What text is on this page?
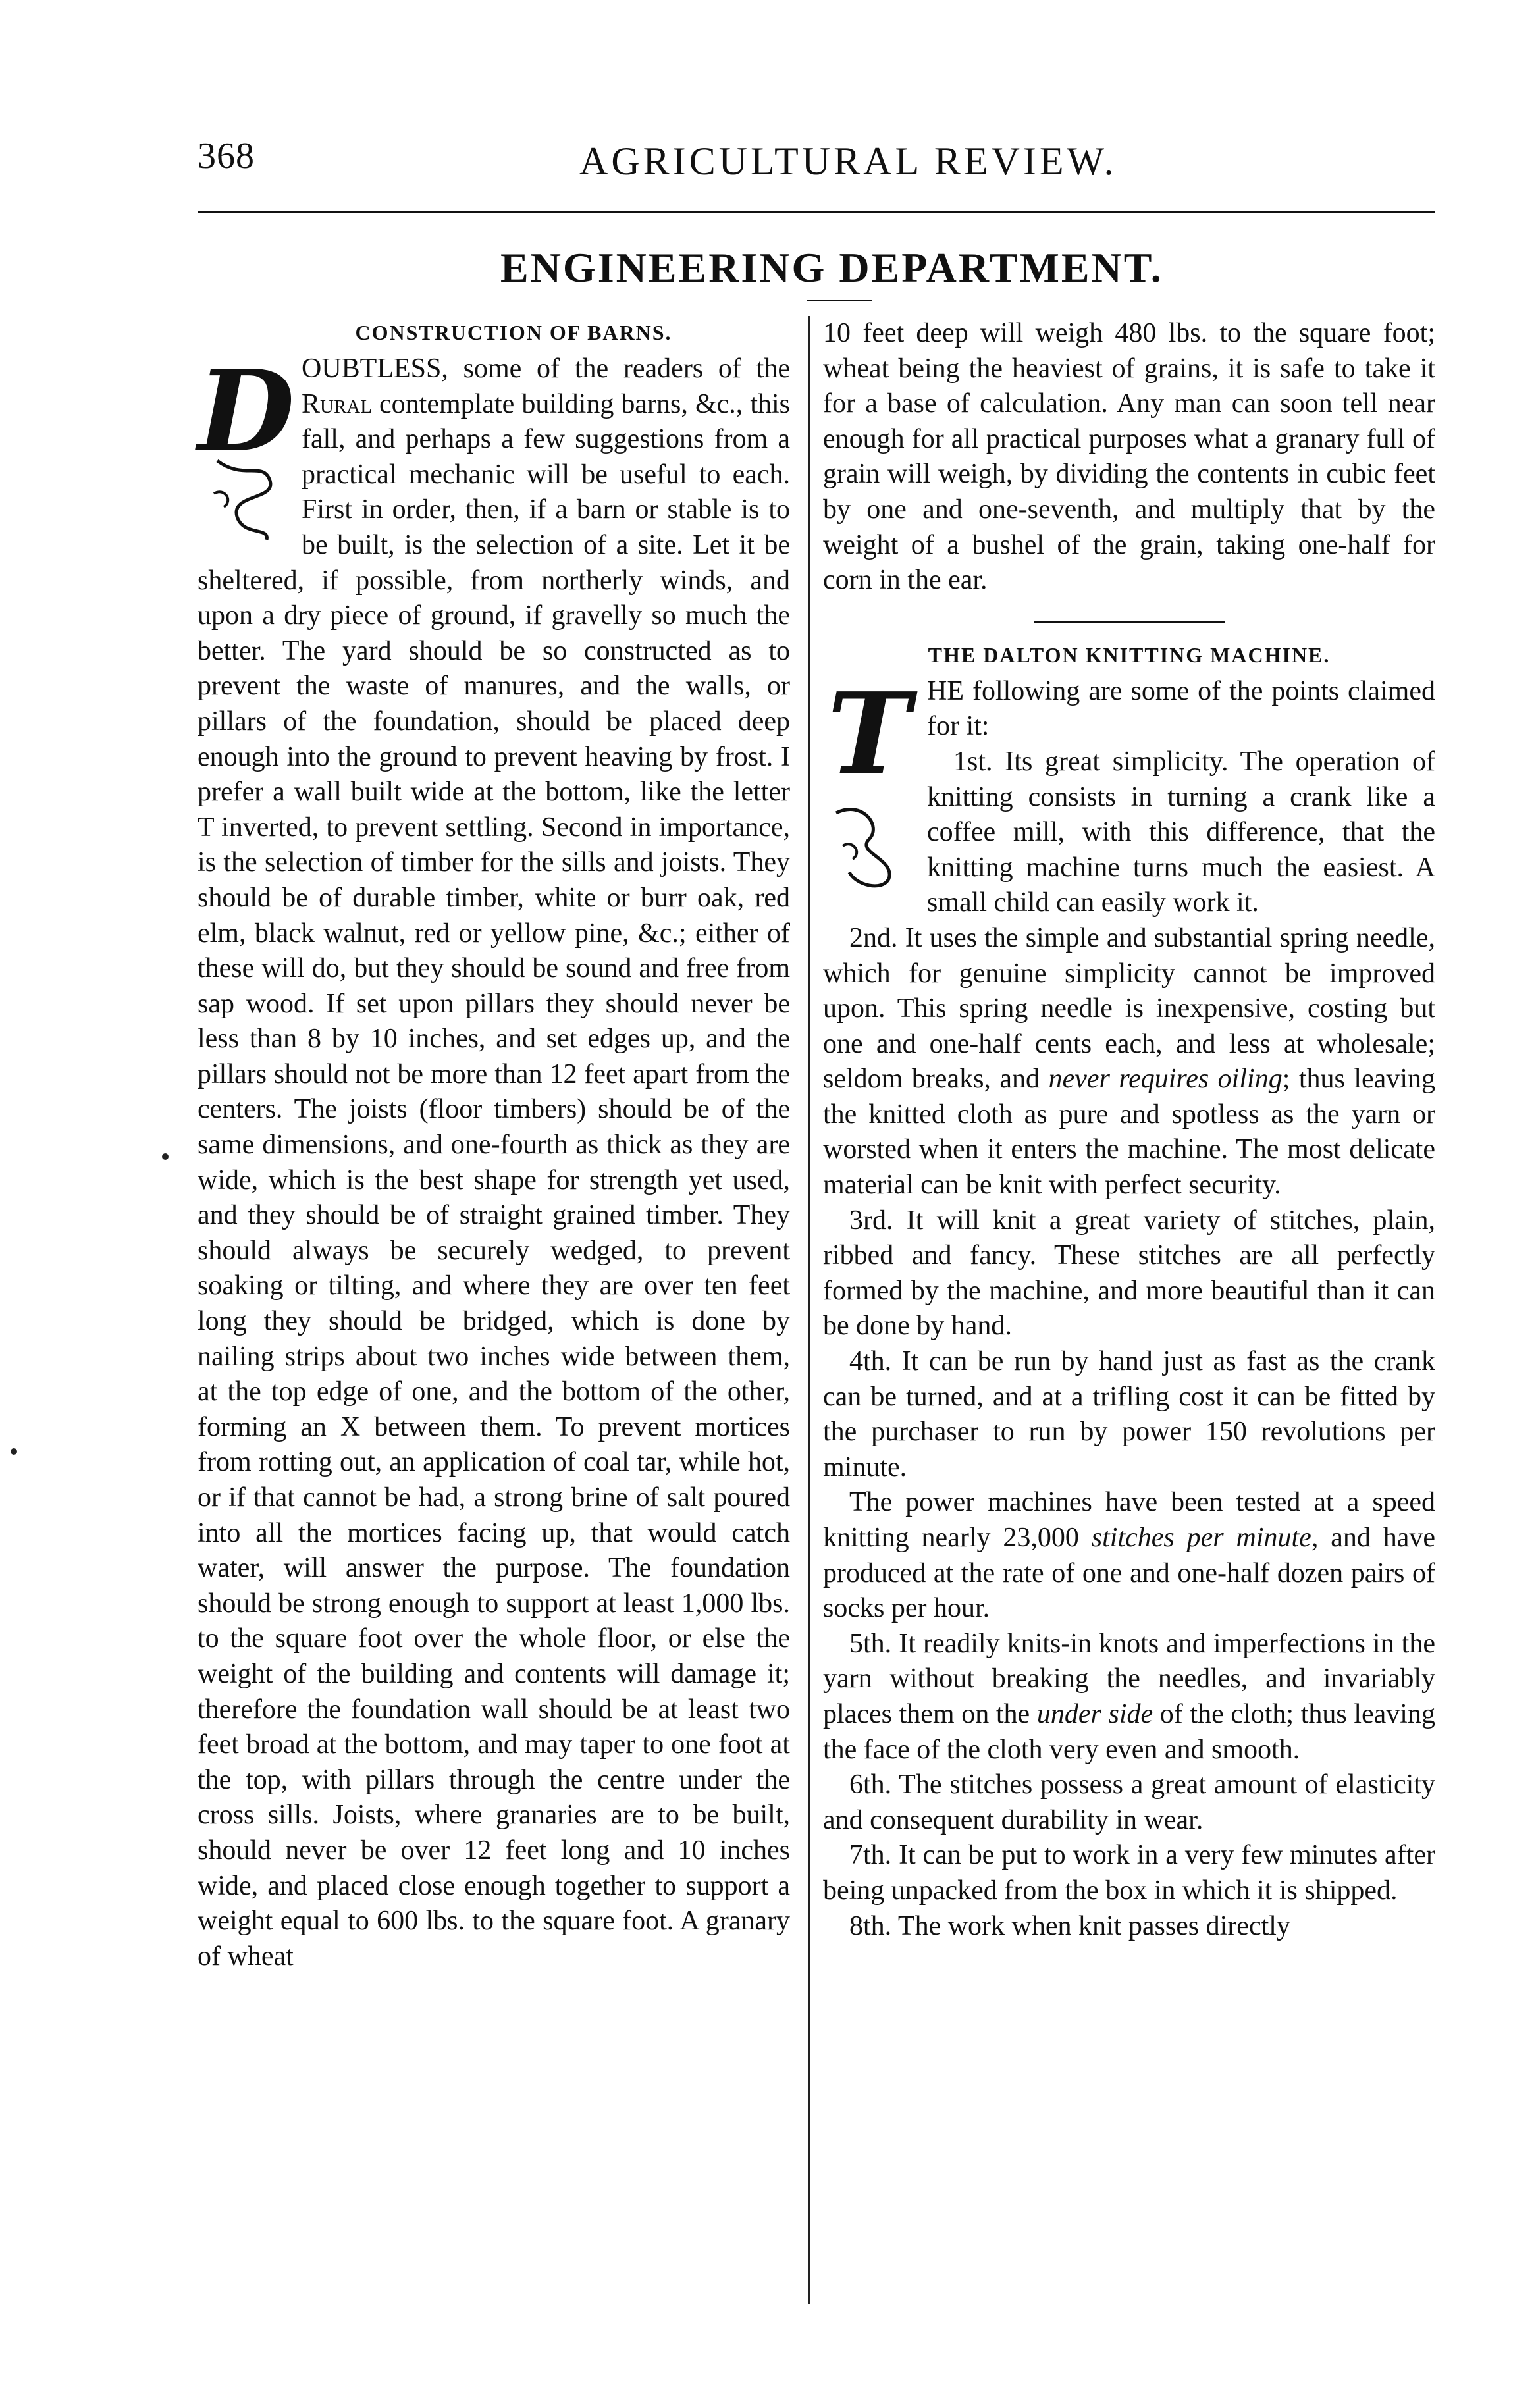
368	AGRICULTURAL REVIEW.
ENGINEERING DEPARTMENT.
CONSTRUCTION OF BARNS.

D OUBTLESS, some of the readers of the Rural contemplate building barns, &c., this fall, and perhaps a few suggestions from a practical mechanic will be useful to each. First in order, then, if a barn or stable is to be built, is the selection of a site. Let it be sheltered, if possible, from northerly winds, and upon a dry piece of ground, if gravelly so much the better. The yard should be so constructed as to prevent the waste of manures, and the walls, or pillars of the foundation, should be placed deep enough into the ground to prevent heaving by frost. I prefer a wall built wide at the bottom, like the letter T inverted, to prevent settling. Second in importance, is the selection of timber for the sills and joists. They should be of durable timber, white or burr oak, red elm, black walnut, red or yellow pine, &c.; either of these will do, but they should be sound and free from sap wood. If set upon pillars they should never be less than 8 by 10 inches, and set edges up, and the pillars should not be more than 12 feet apart from the centers. The joists (floor timbers) should be of the same dimensions, and one-fourth as thick as they are wide, which is the best shape for strength yet used, and they should be of straight grained timber. They should always be securely wedged, to prevent soaking or tilting, and where they are over ten feet long they should be bridged, which is done by nailing strips about two inches wide between them, at the top edge of one, and the bottom of the other, forming an X between them. To prevent mortices from rotting out, an application of coal tar, while hot, or if that cannot be had, a strong brine of salt poured into all the mortices facing up, that would catch water, will answer the purpose. The foundation should be strong enough to support at least 1,000 lbs. to the square foot over the whole floor, or else the weight of the building and contents will damage it; therefore the foundation wall should be at least two feet broad at the bottom, and may taper to one foot at the top, with pillars through the centre under the cross sills. Joists, where granaries are to be built, should never be over 12 feet long and 10 inches wide, and placed close enough together to support a weight equal to 600 lbs. to the square foot. A granary of wheat

10 feet deep will weigh 480 lbs. to the square foot; wheat being the heaviest of grains, it is safe to take it for a base of calculation. Any man can soon tell near enough for all practical purposes what a granary full of grain will weigh, by dividing the contents in cubic feet by one and one-seventh, and multiply that by the weight of a bushel of the grain, taking one-half for corn in the ear.

THE DALTON KNITTING MACHINE.

T HE following are some of the points claimed for it:

1st. Its great simplicity. The operation of knitting consists in turning a crank like a coffee mill, with this difference, that the knitting machine turns much the easiest. A small child can easily work it.

2nd. It uses the simple and substantial spring needle, which for genuine simplicity cannot be improved upon. This spring needle is inexpensive, costing but one and one-half cents each, and less at wholesale; seldom breaks, and never requires oiling; thus leaving the knitted cloth as pure and spotless as the yarn or worsted when it enters the machine. The most delicate material can be knit with perfect security.

3rd. It will knit a great variety of stitches, plain, ribbed and fancy. These stitches are all perfectly formed by the machine, and more beautiful than it can be done by hand.

4th. It can be run by hand just as fast as the crank can be turned, and at a trifling cost it can be fitted by the purchaser to run by power 150 revolutions per minute.

The power machines have been tested at a speed knitting nearly 23,000 stitches per minute, and have produced at the rate of one and one-half dozen pairs of socks per hour.

5th. It readily knits-in knots and imperfections in the yarn without breaking the needles, and invariably places them on the under side of the cloth; thus leaving the face of the cloth very even and smooth.

6th. The stitches possess a great amount of elasticity and consequent durability in wear.

7th. It can be put to work in a very few minutes after being unpacked from the box in which it is shipped.

8th. The work when knit passes directly
